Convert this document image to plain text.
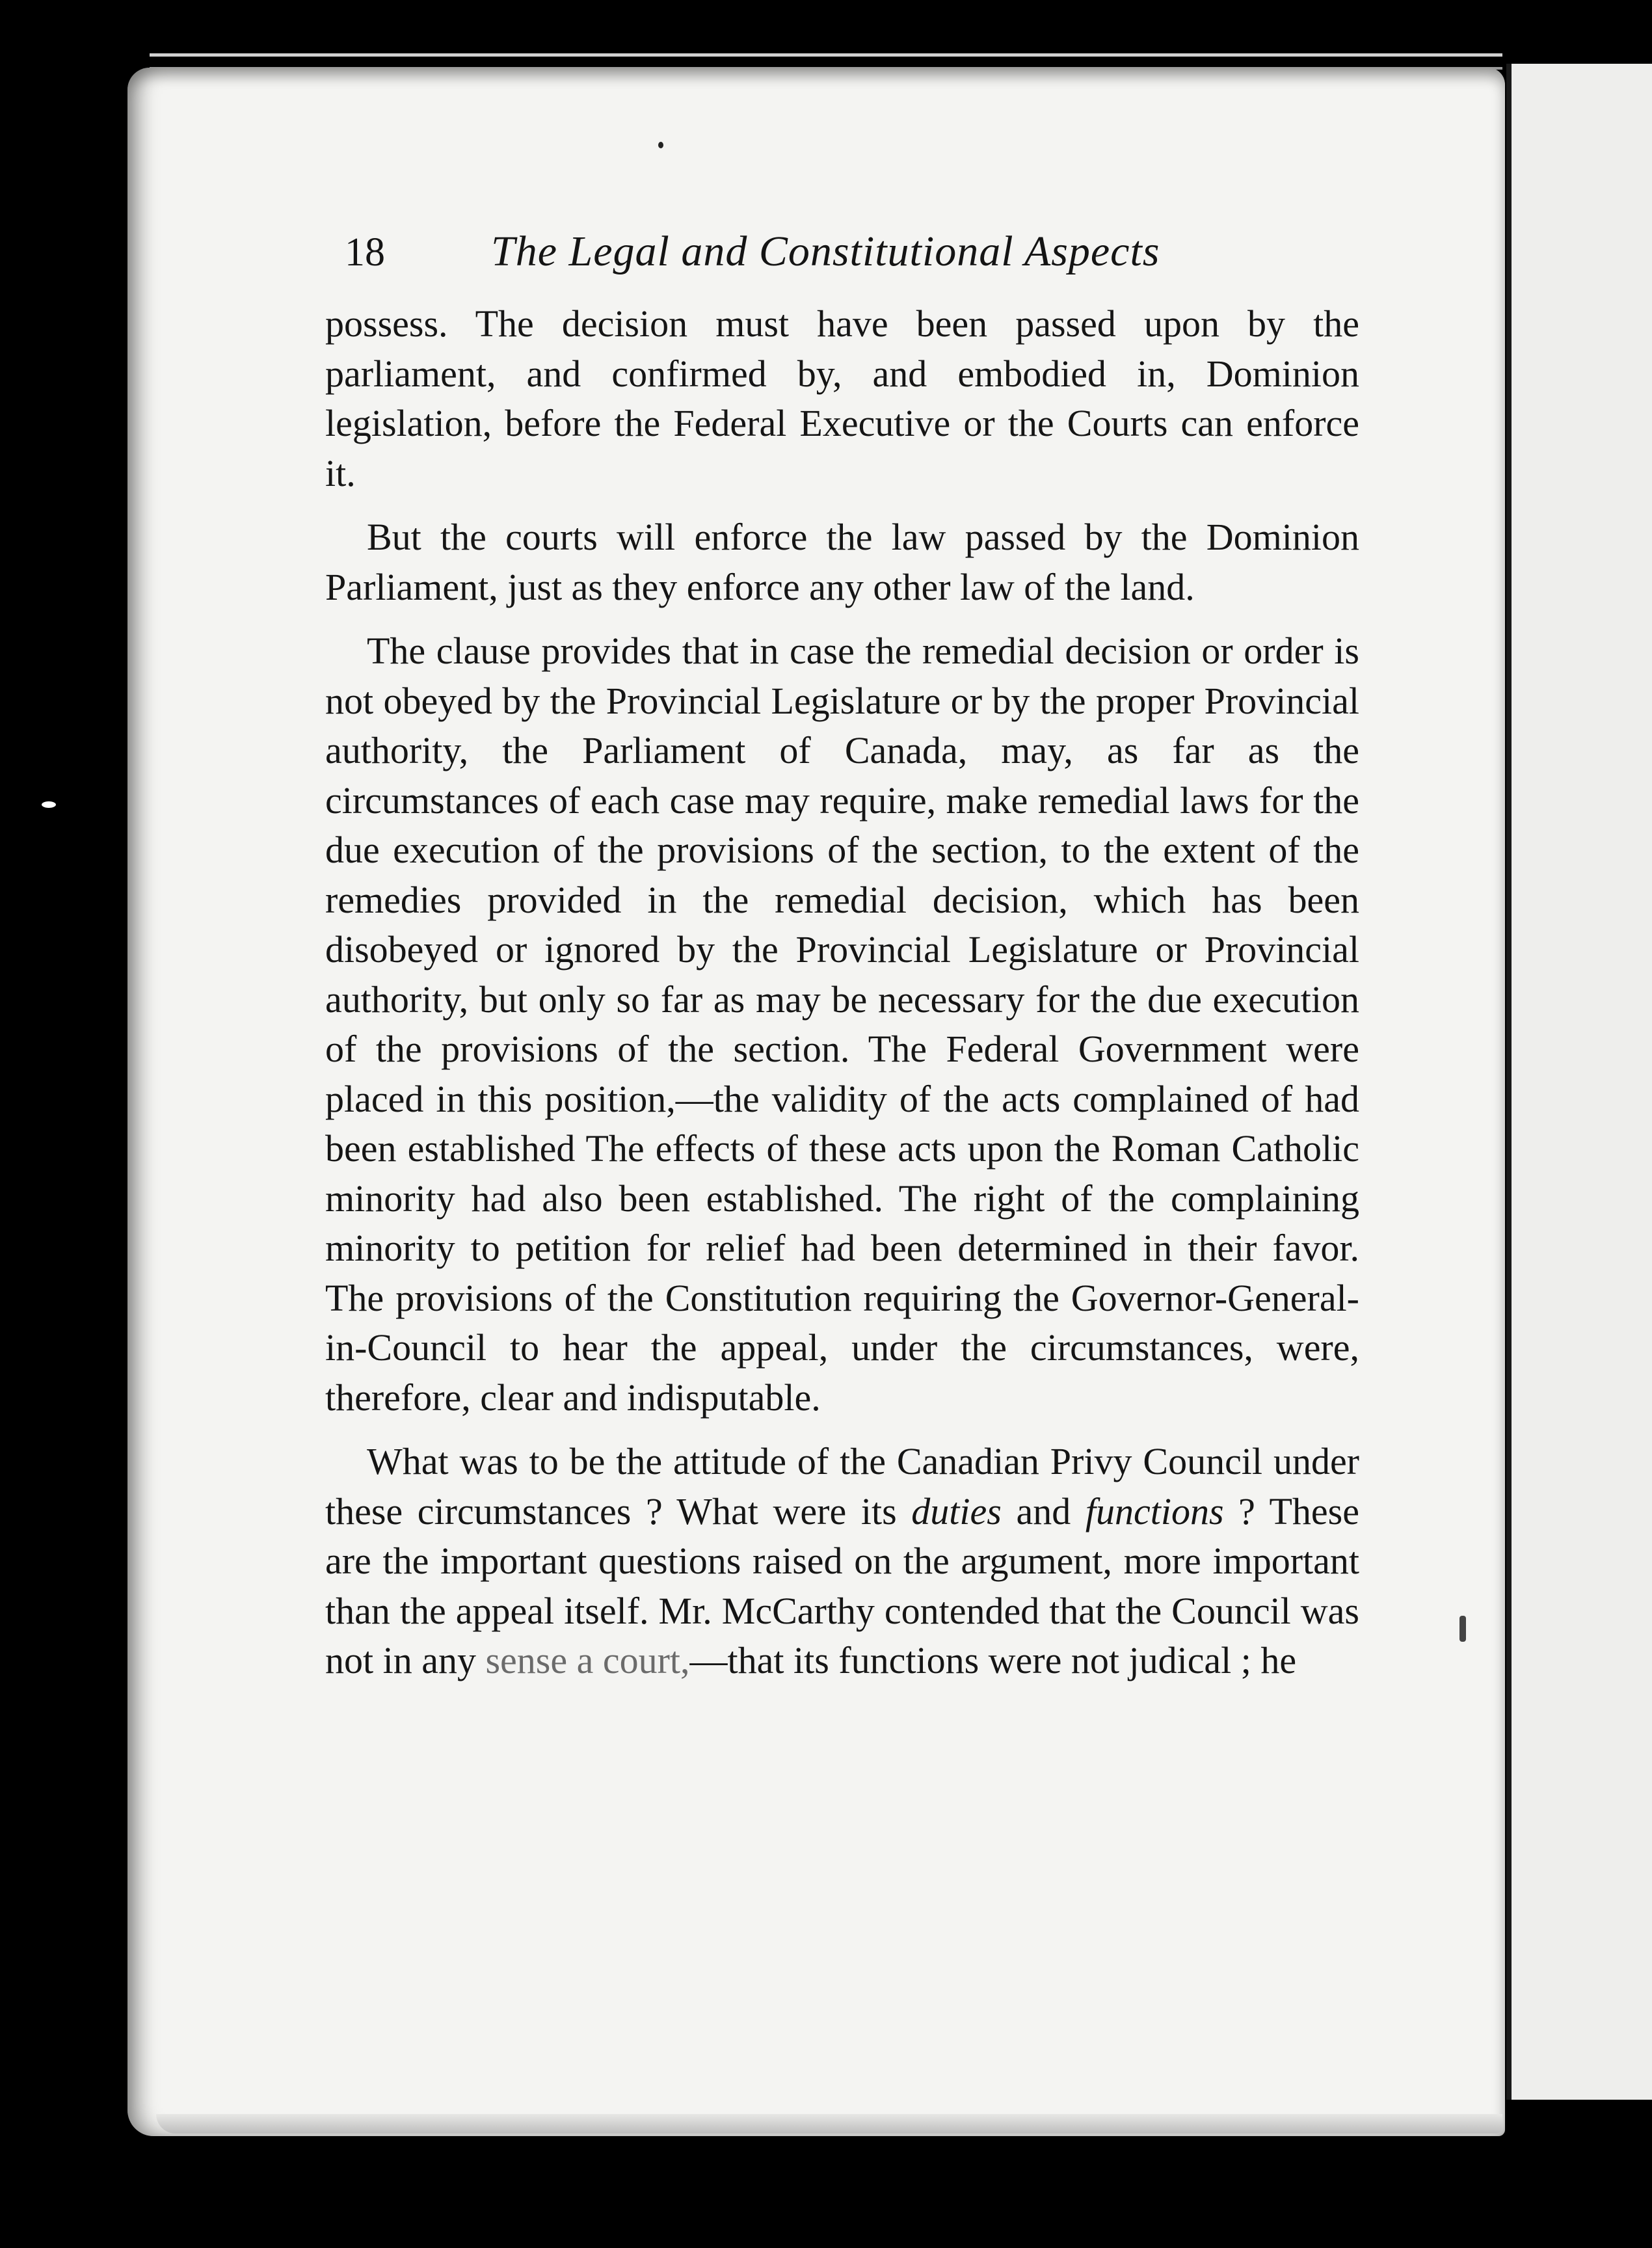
18 The Legal and Constitutional Aspects

possess. The decision must have been passed upon by the parliament, and confirmed by, and embodied in, Dominion legislation, before the Federal Executive or the Courts can enforce it.

But the courts will enforce the law passed by the Dominion Parliament, just as they enforce any other law of the land.

The clause provides that in case the remedial decision or order is not obeyed by the Provincial Legislature or by the proper Provincial authority, the Parliament of Canada, may, as far as the circumstances of each case may require, make remedial laws for the due execution of the provisions of the section, to the extent of the remedies provided in the remedial decision, which has been disobeyed or ignored by the Provincial Legislature or Provincial authority, but only so far as may be necessary for the due execution of the provisions of the section. The Federal Government were placed in this position,—the validity of the acts complained of had been established The effects of these acts upon the Roman Catholic minority had also been established. The right of the complaining minority to petition for relief had been determined in their favor. The provisions of the Constitution requiring the Governor-General-in-Council to hear the appeal, under the circumstances, were, therefore, clear and indisputable.

What was to be the attitude of the Canadian Privy Council under these circumstances ? What were its duties and functions ? These are the important questions raised on the argument, more important than the appeal itself. Mr. McCarthy contended that the Council was not in any sense a court,—that its functions were not judical ; he
